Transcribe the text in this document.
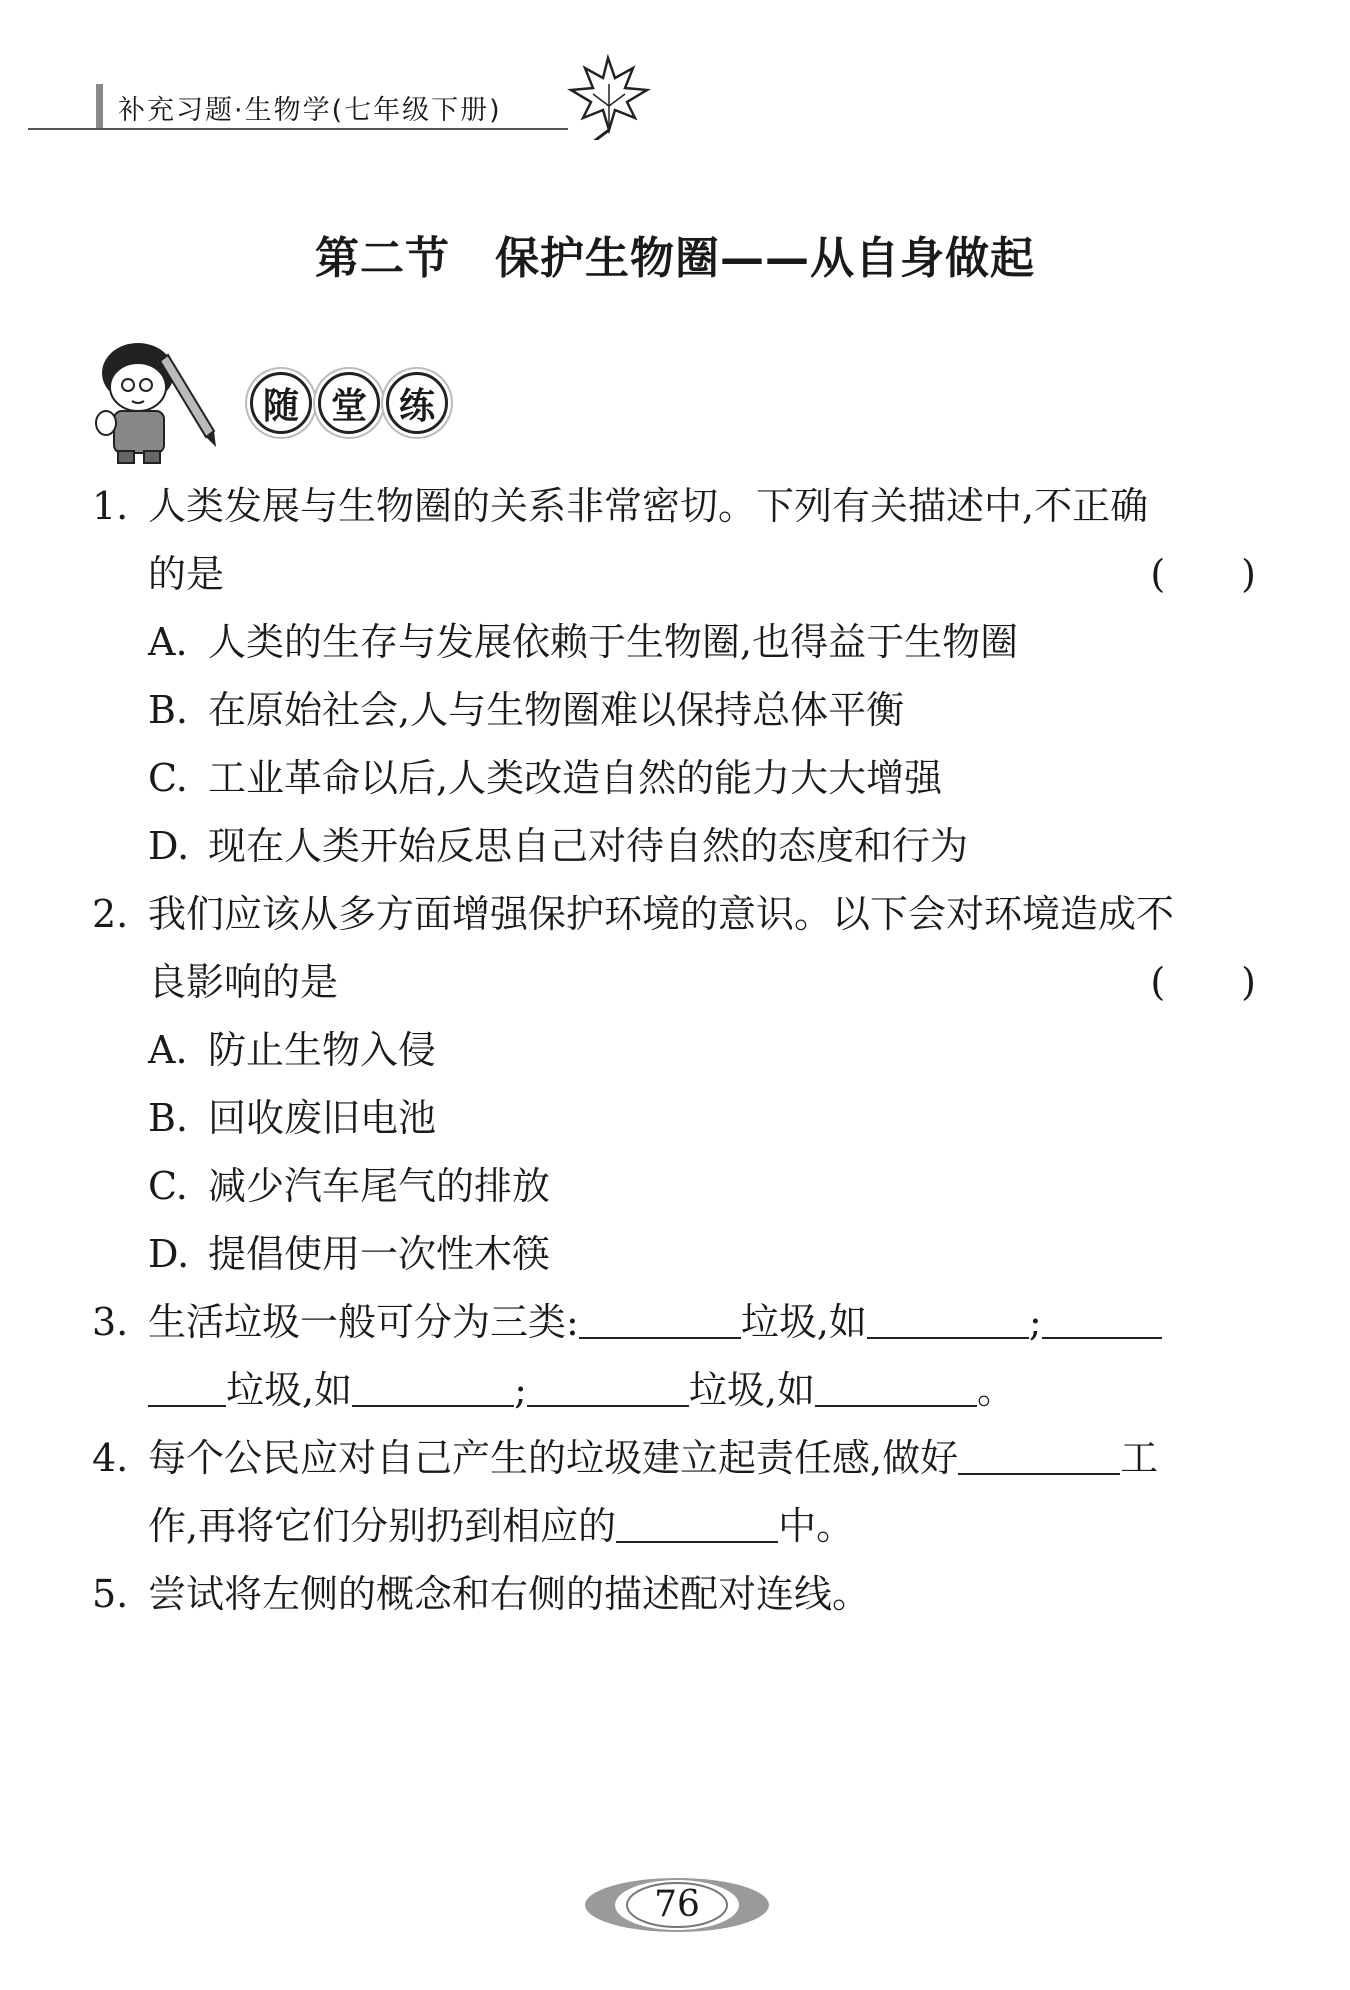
补充习题·生物学(七年级下册)
第二节　保护生物圈——从自身做起
随 堂 练
1. 人类发展与生物圈的关系非常密切。下列有关描述中,不正确
的是	(　　)
A. 人类的生存与发展依赖于生物圈,也得益于生物圈
B. 在原始社会,人与生物圈难以保持总体平衡
C. 工业革命以后,人类改造自然的能力大大增强
D. 现在人类开始反思自己对待自然的态度和行为
2. 我们应该从多方面增强保护环境的意识。以下会对环境造成不
良影响的是	(　　)
A. 防止生物入侵
B. 回收废旧电池
C. 减少汽车尾气的排放
D. 提倡使用一次性木筷
3. 生活垃圾一般可分为三类:	垃圾,如	;
垃圾,如	;	垃圾,如	。
4. 每个公民应对自己产生的垃圾建立起责任感,做好	工
作,再将它们分别扔到相应的	中。
5. 尝试将左侧的概念和右侧的描述配对连线。
76
